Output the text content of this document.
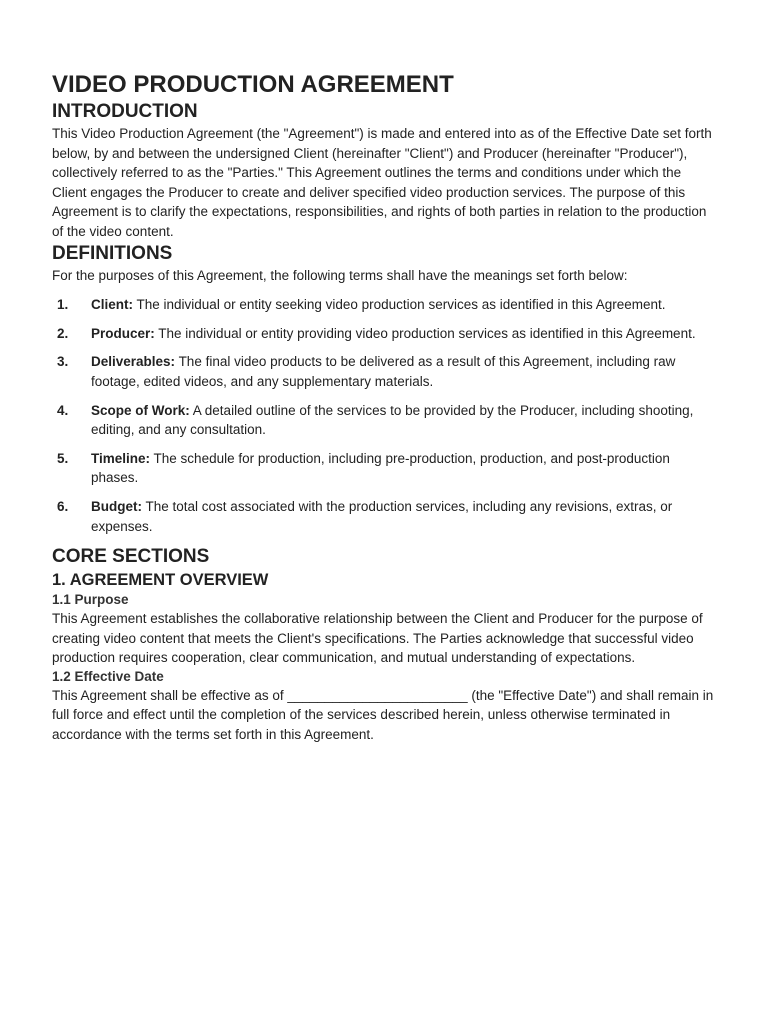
VIDEO PRODUCTION AGREEMENT
INTRODUCTION

This Video Production Agreement (the "Agreement") is made and entered into as of the Effective Date set forth below, by and between the undersigned Client (hereinafter "Client") and Producer (hereinafter "Producer"), collectively referred to as the "Parties." This Agreement outlines the terms and conditions under which the Client engages the Producer to create and deliver specified video production services. The purpose of this Agreement is to clarify the expectations, responsibilities, and rights of both parties in relation to the production of the video content.

DEFINITIONS

For the purposes of this Agreement, the following terms shall have the meanings set forth below:

1. Client: The individual or entity seeking video production services as identified in this Agreement.
2. Producer: The individual or entity providing video production services as identified in this Agreement.
3. Deliverables: The final video products to be delivered as a result of this Agreement, including raw footage, edited videos, and any supplementary materials.
4. Scope of Work: A detailed outline of the services to be provided by the Producer, including shooting, editing, and any consultation.
5. Timeline: The schedule for production, including pre-production, production, and post-production phases.
6. Budget: The total cost associated with the production services, including any revisions, extras, or expenses.
CORE SECTIONS
1. AGREEMENT OVERVIEW
1.1 Purpose

This Agreement establishes the collaborative relationship between the Client and Producer for the purpose of creating video content that meets the Client's specifications. The Parties acknowledge that successful video production requires cooperation, clear communication, and mutual understanding of expectations.

1.2 Effective Date

This Agreement shall be effective as of ________________________ (the "Effective Date") and shall remain in full force and effect until the completion of the services described herein, unless otherwise terminated in accordance with the terms set forth in this Agreement.
